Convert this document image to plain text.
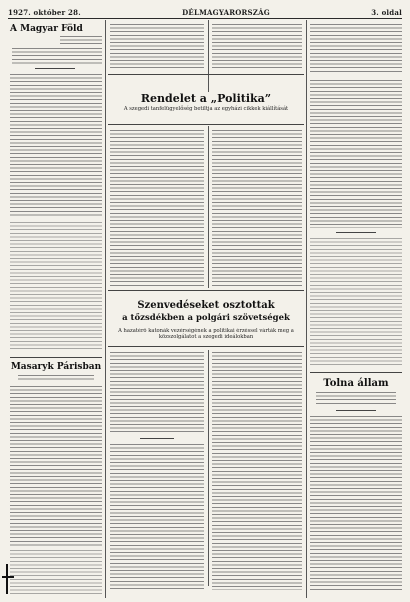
1927. október 28.	DÉLMAGYARORSZÁG	3. oldal
A Magyar Föld
Masaryk Párisban
Rendelet a „Politika”
A szegedi tanfelügyelőség betiltja az egyházi cikkek kiállítását
Szenvedéseket osztottak
a tőzsdékben a polgári szövetségek
A hazatérő katonák vezérségének a politikai érzéssel várták meg a közszolgálatot a szegedi ideálokban
Tolna állam
